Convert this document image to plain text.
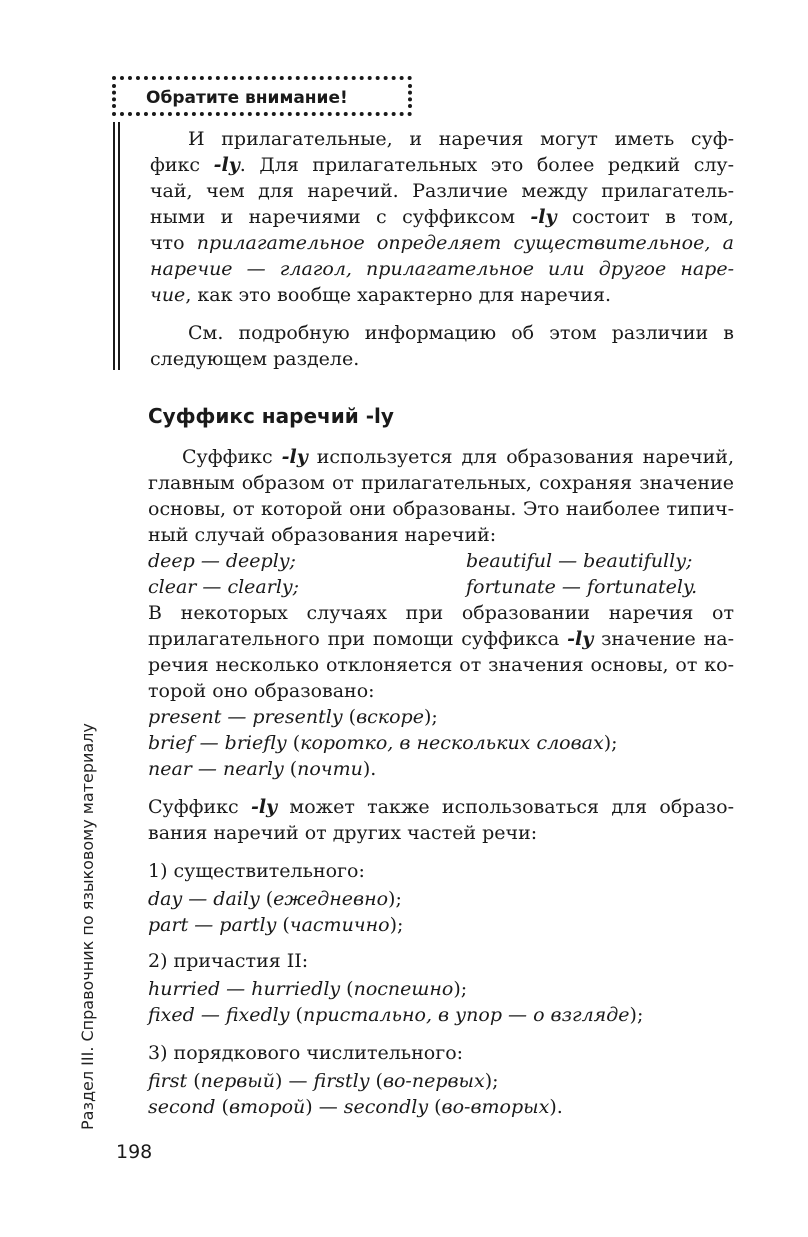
Обратите внимание!
И прилагательные, и наречия могут иметь суф-
фикс -ly. Для прилагательных это более редкий слу-
чай, чем для наречий. Различие между прилагатель-
ными и наречиями с суффиксом -ly состоит в том,
что прилагательное определяет существительное, а
наречие — глагол, прилагательное или другое наре-
чие, как это вообще характерно для наречия.
См. подробную информацию об этом различии в
следующем разделе.
Суффикс наречий -ly
Суффикс -ly используется для образования наречий,
главным образом от прилагательных, сохраняя значение
основы, от которой они образованы. Это наиболее типич-
ный случай образования наречий:
deep — deeply;	beautiful — beautifully;
clear — clearly;	fortunate — fortunately.
В некоторых случаях при образовании наречия от
прилагательного при помощи суффикса -ly значение на-
речия несколько отклоняется от значения основы, от ко-
торой оно образовано:
present — presently (вскоре);
brief — briefly (коротко, в нескольких словах);
near — nearly (почти).
Суффикс -ly может также использоваться для образо-
вания наречий от других частей речи:
1) существительного:
day — daily (ежедневно);
part — partly (частично);
2) причастия II:
hurried — hurriedly (поспешно);
fixed — fixedly (пристально, в упор — о взгляде);
3) порядкового числительного:
first (первый) — firstly (во-первых);
second (второй) — secondly (во-вторых).
198
Раздел III. Справочник по языковому материалу
